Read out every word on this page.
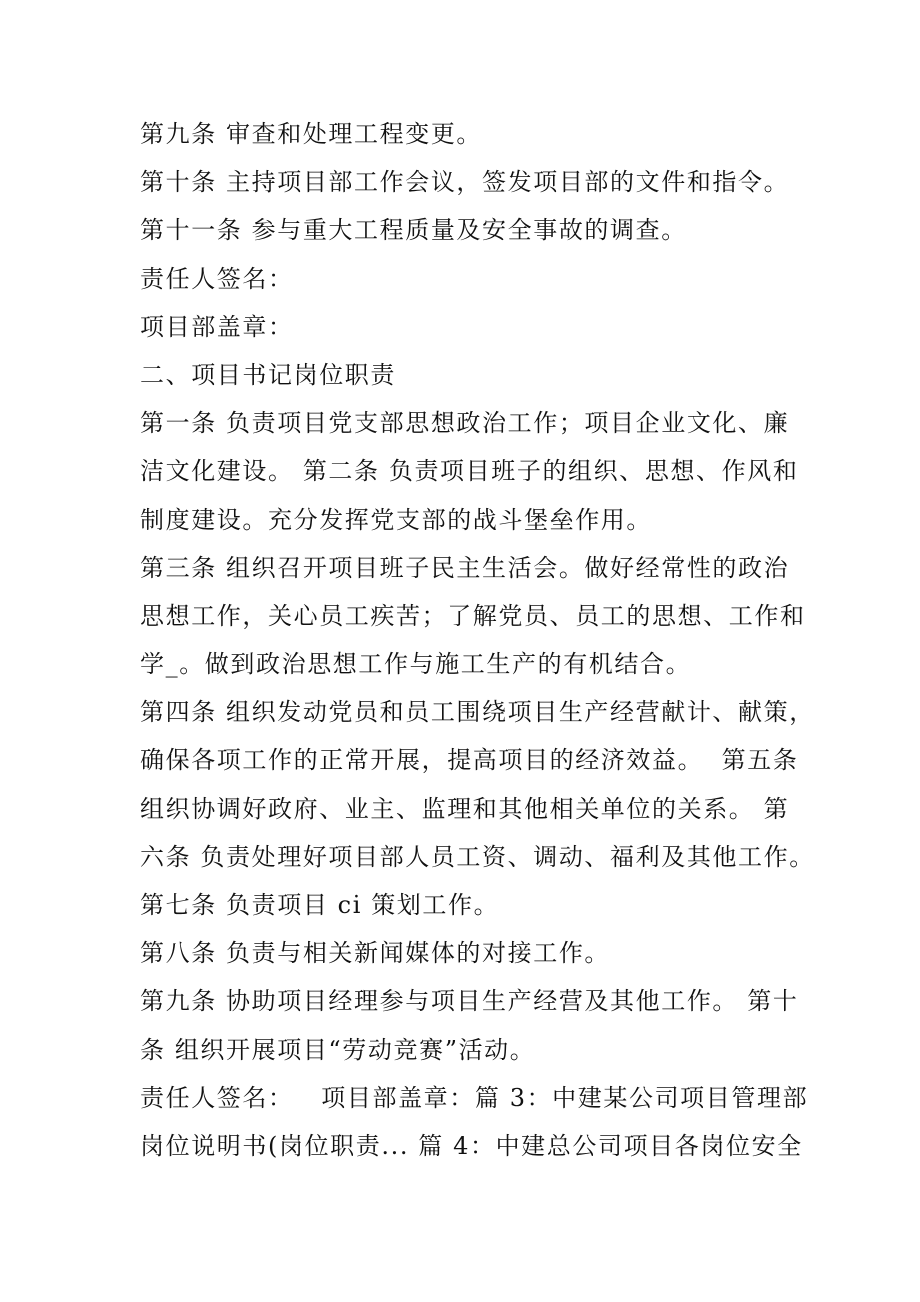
第九条 审查和处理工程变更。
第十条 主持项目部工作会议，签发项目部的文件和指令。
第十一条 参与重大工程质量及安全事故的调查。
责任人签名：
项目部盖章：
二、项目书记岗位职责
第一条 负责项目党支部思想政治工作；项目企业文化、廉
洁文化建设。 第二条 负责项目班子的组织、思想、作风和
制度建设。充分发挥党支部的战斗堡垒作用。
第三条 组织召开项目班子民主生活会。做好经常性的政治
思想工作，关心员工疾苦；了解党员、员工的思想、工作和
学_。做到政治思想工作与施工生产的有机结合。
第四条 组织发动党员和员工围绕项目生产经营献计、献策，
确保各项工作的正常开展，提高项目的经济效益。  第五条
组织协调好政府、业主、监理和其他相关单位的关系。 第
六条 负责处理好项目部人员工资、调动、福利及其他工作。
第七条 负责项目 ci 策划工作。
第八条 负责与相关新闻媒体的对接工作。
第九条 协助项目经理参与项目生产经营及其他工作。 第十
条 组织开展项目“劳动竞赛”活动。
责任人签名：   项目部盖章：篇 3：中建某公司项目管理部
岗位说明书(岗位职责... 篇 4：中建总公司项目各岗位安全
